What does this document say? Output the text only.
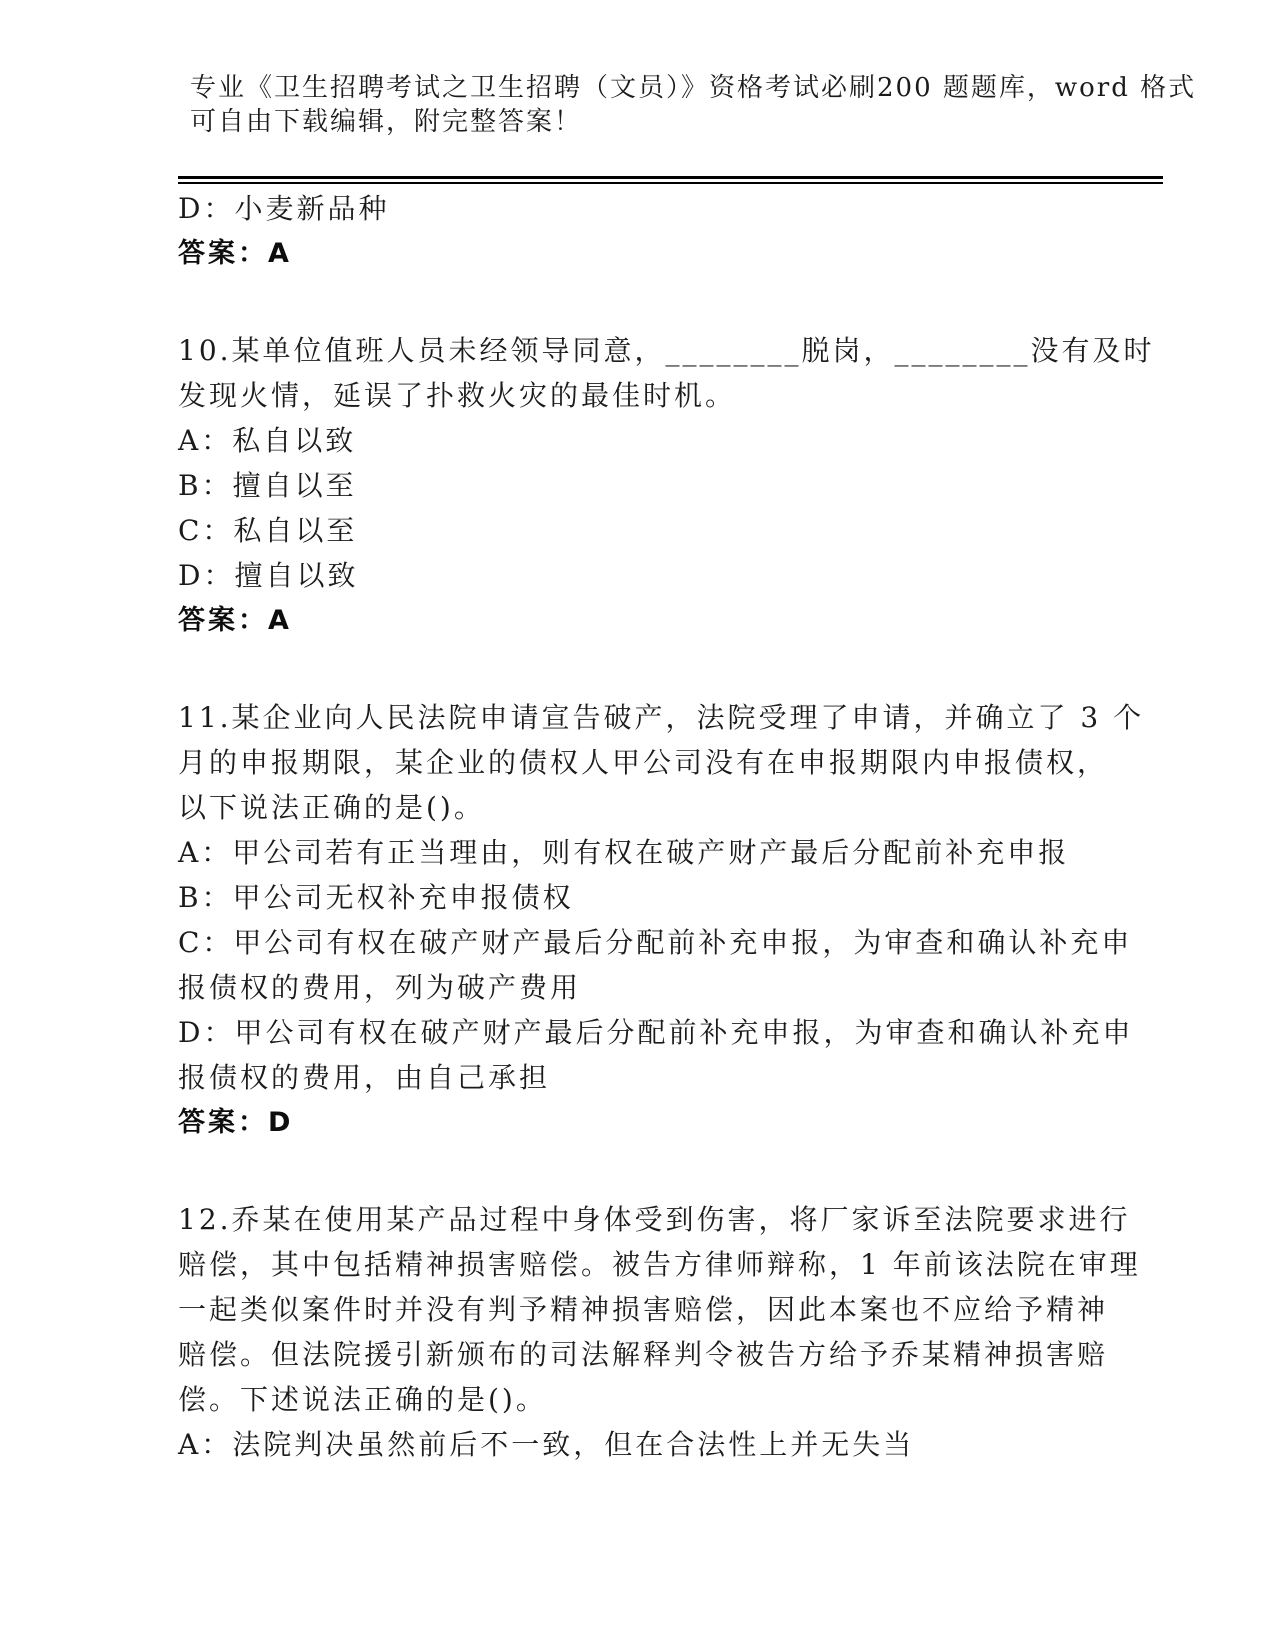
专业《卫生招聘考试之卫生招聘（文员）》资格考试必刷200 题题库，word 格式
可自由下载编辑，附完整答案！
D：小麦新品种
答案：A
10.某单位值班人员未经领导同意，________脱岗，________没有及时
发现火情，延误了扑救火灾的最佳时机。
A：私自以致
B：擅自以至
C：私自以至
D：擅自以致
答案：A
11.某企业向人民法院申请宣告破产，法院受理了申请，并确立了 3 个
月的申报期限，某企业的债权人甲公司没有在申报期限内申报债权，
以下说法正确的是()。
A：甲公司若有正当理由，则有权在破产财产最后分配前补充申报
B：甲公司无权补充申报债权
C：甲公司有权在破产财产最后分配前补充申报，为审查和确认补充申
报债权的费用，列为破产费用
D：甲公司有权在破产财产最后分配前补充申报，为审查和确认补充申
报债权的费用，由自己承担
答案：D
12.乔某在使用某产品过程中身体受到伤害，将厂家诉至法院要求进行
赔偿，其中包括精神损害赔偿。被告方律师辩称，1 年前该法院在审理
一起类似案件时并没有判予精神损害赔偿，因此本案也不应给予精神
赔偿。但法院援引新颁布的司法解释判令被告方给予乔某精神损害赔
偿。下述说法正确的是()。
A：法院判决虽然前后不一致，但在合法性上并无失当
